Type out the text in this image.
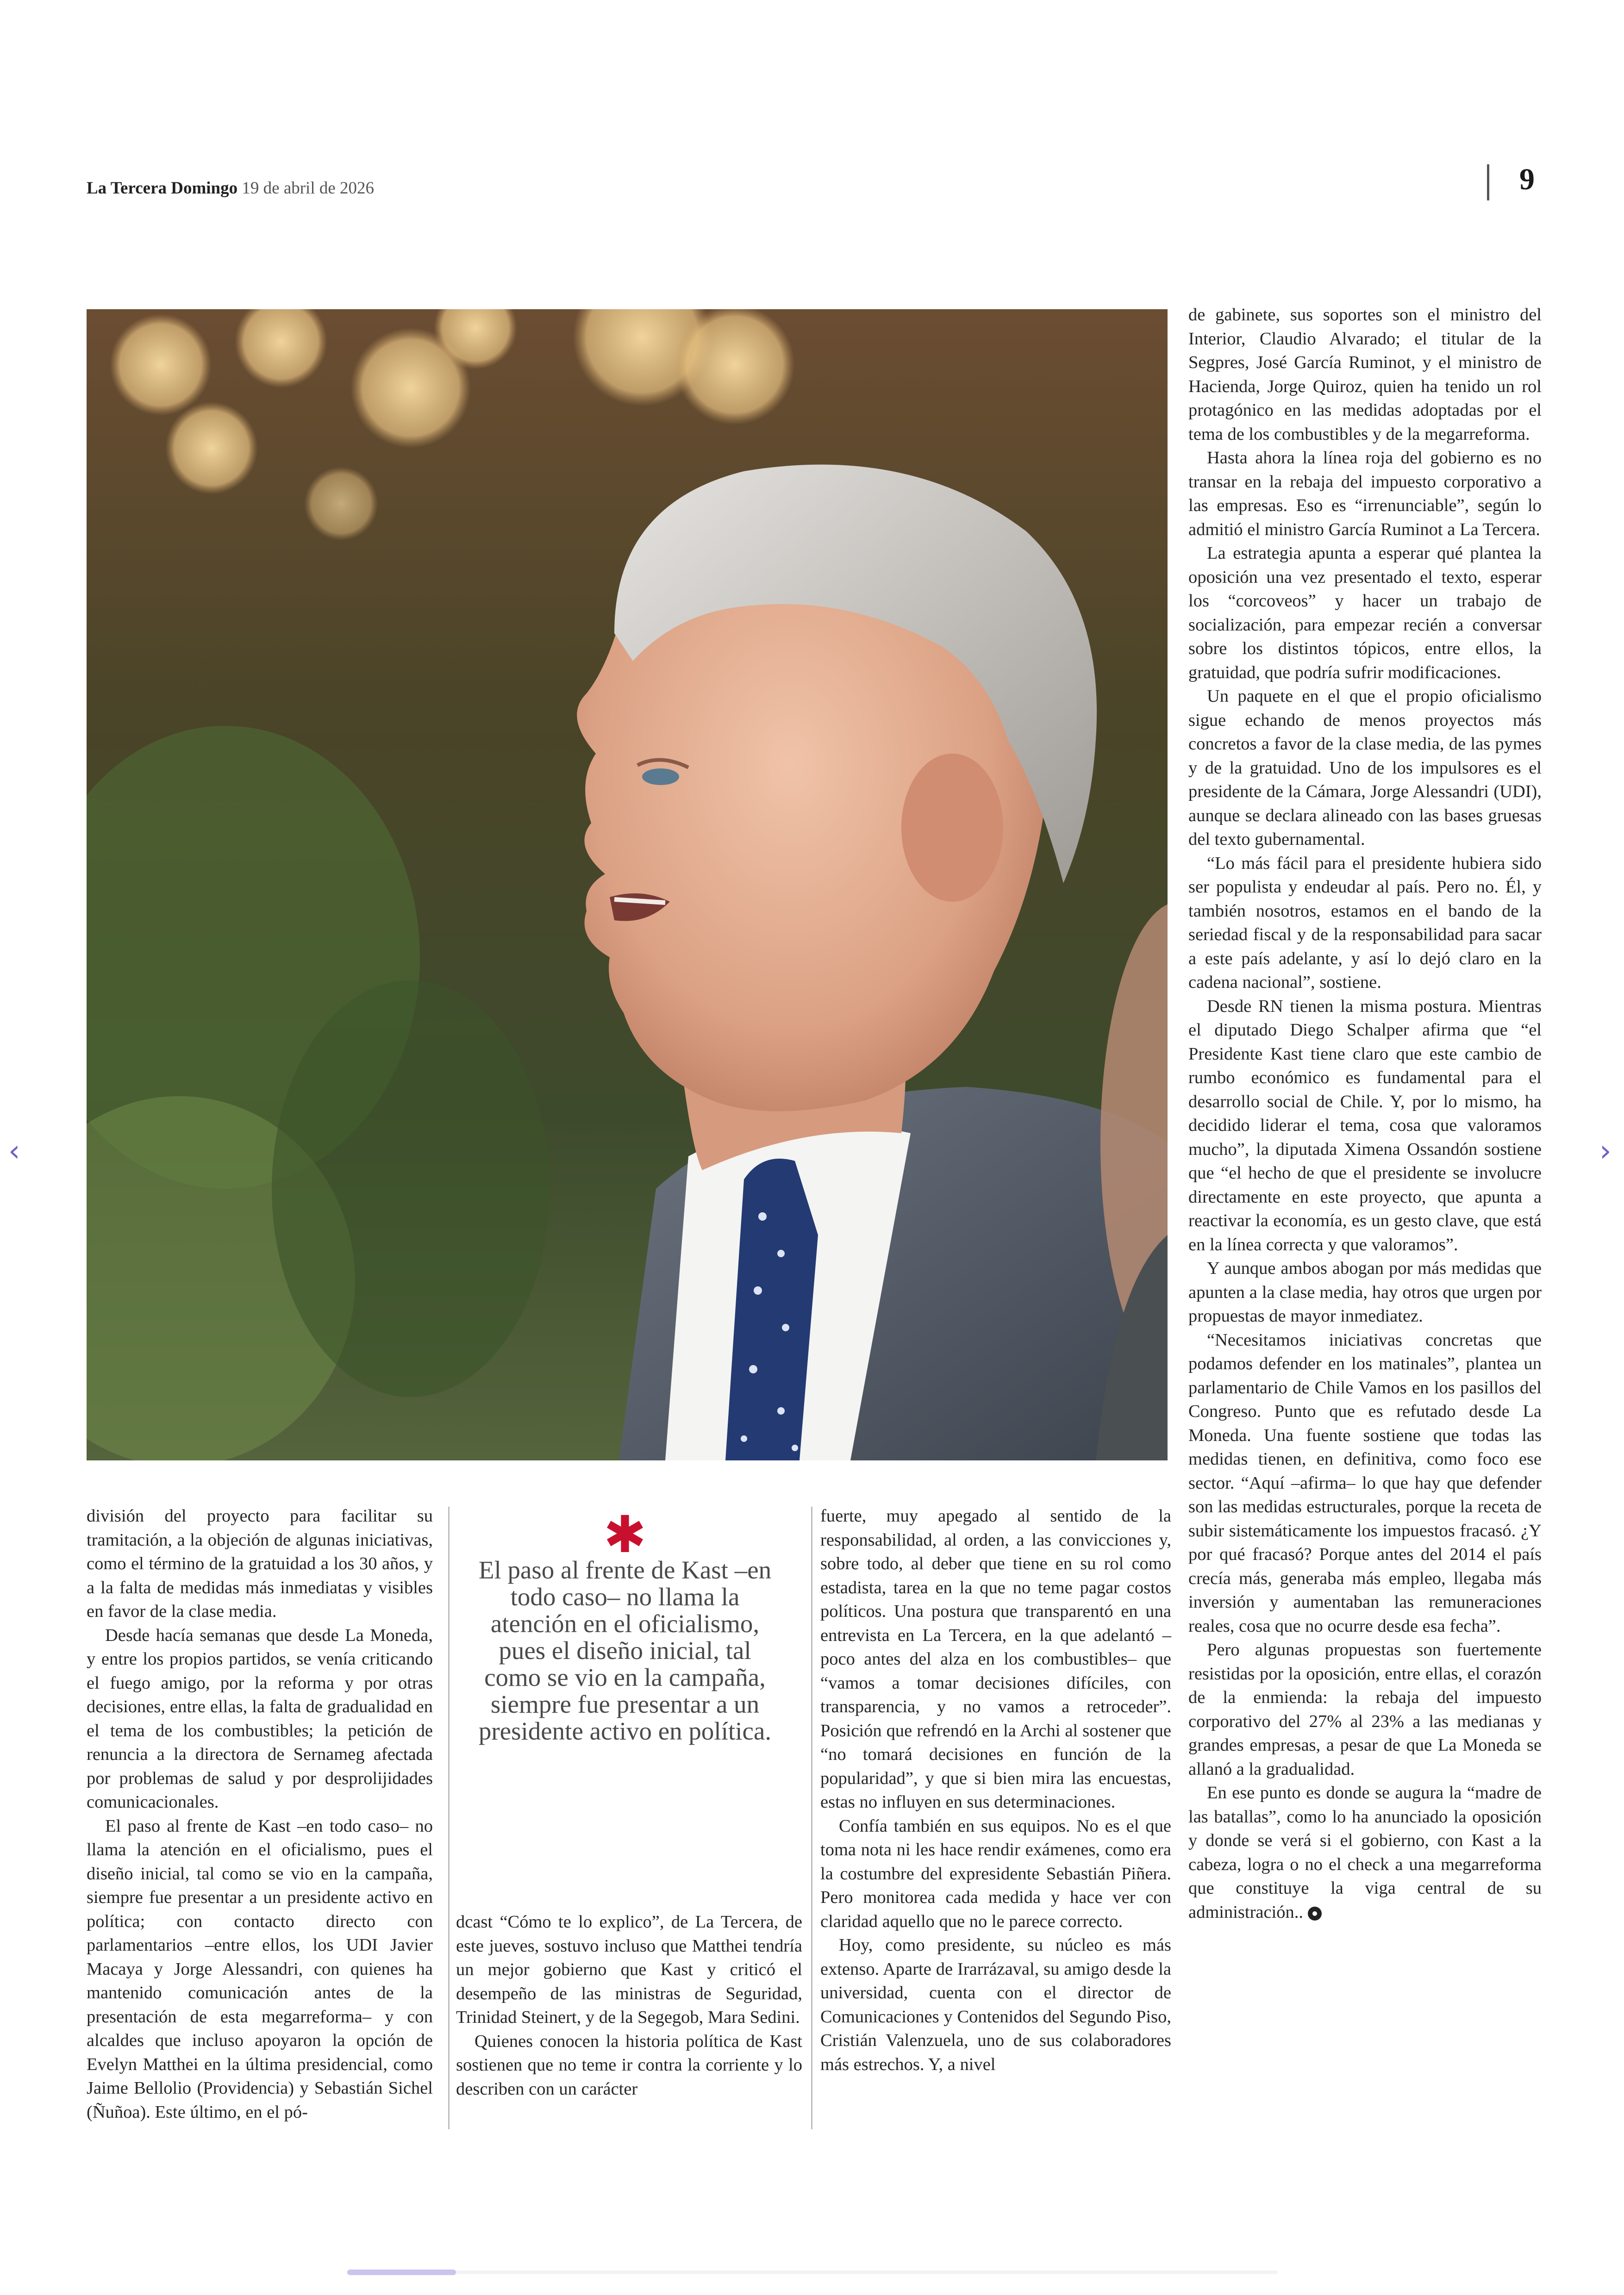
La Tercera Domingo 19 de abril de 2026	9

división del proyecto para facilitar su tramitación, a la objeción de algunas iniciativas, como el término de la gratuidad a los 30 años, y a la falta de medidas más inmediatas y visibles en favor de la clase media.

Desde hacía semanas que desde La Moneda, y entre los propios partidos, se venía criticando el fuego amigo, por la reforma y por otras decisiones, entre ellas, la falta de gradualidad en el tema de los combustibles; la petición de renuncia a la directora de Sernameg afectada por problemas de salud y por desprolijidades comunicacionales.

El paso al frente de Kast –en todo caso– no llama la atención en el oficialismo, pues el diseño inicial, tal como se vio en la campaña, siempre fue presentar a un presidente activo en política; con contacto directo con parlamentarios –entre ellos, los UDI Javier Macaya y Jorge Alessandri, con quienes ha mantenido comunicación antes de la presentación de esta megarreforma– y con alcaldes que incluso apoyaron la opción de Evelyn Matthei en la última presidencial, como Jaime Bellolio (Providencia) y Sebastián Sichel (Ñuñoa). Este último, en el pó-

✱
El paso al frente de Kast –en todo caso– no llama la atención en el oficialismo, pues el diseño inicial, tal como se vio en la campaña, siempre fue presentar a un presidente activo en política.

dcast “Cómo te lo explico”, de La Tercera, de este jueves, sostuvo incluso que Matthei tendría un mejor gobierno que Kast y criticó el desempeño de las ministras de Seguridad, Trinidad Steinert, y de la Segegob, Mara Sedini.

Quienes conocen la historia política de Kast sostienen que no teme ir contra la corriente y lo describen con un carácter

fuerte, muy apegado al sentido de la responsabilidad, al orden, a las convicciones y, sobre todo, al deber que tiene en su rol como estadista, tarea en la que no teme pagar costos políticos. Una postura que transparentó en una entrevista en La Tercera, en la que adelantó –poco antes del alza en los combustibles– que “vamos a tomar decisiones difíciles, con transparencia, y no vamos a retroceder”. Posición que refrendó en la Archi al sostener que “no tomará decisiones en función de la popularidad”, y que si bien mira las encuestas, estas no influyen en sus determinaciones.

Confía también en sus equipos. No es el que toma nota ni les hace rendir exámenes, como era la costumbre del expresidente Sebastián Piñera. Pero monitorea cada medida y hace ver con claridad aquello que no le parece correcto.

Hoy, como presidente, su núcleo es más extenso. Aparte de Irarrázaval, su amigo desde la universidad, cuenta con el director de Comunicaciones y Contenidos del Segundo Piso, Cristián Valenzuela, uno de sus colaboradores más estrechos. Y, a nivel

de gabinete, sus soportes son el ministro del Interior, Claudio Alvarado; el titular de la Segpres, José García Ruminot, y el ministro de Hacienda, Jorge Quiroz, quien ha tenido un rol protagónico en las medidas adoptadas por el tema de los combustibles y de la megarreforma.

Hasta ahora la línea roja del gobierno es no transar en la rebaja del impuesto corporativo a las empresas. Eso es “irrenunciable”, según lo admitió el ministro García Ruminot a La Tercera.

La estrategia apunta a esperar qué plantea la oposición una vez presentado el texto, esperar los “corcoveos” y hacer un trabajo de socialización, para empezar recién a conversar sobre los distintos tópicos, entre ellos, la gratuidad, que podría sufrir modificaciones.

Un paquete en el que el propio oficialismo sigue echando de menos proyectos más concretos a favor de la clase media, de las pymes y de la gratuidad. Uno de los impulsores es el presidente de la Cámara, Jorge Alessandri (UDI), aunque se declara alineado con las bases gruesas del texto gubernamental.

“Lo más fácil para el presidente hubiera sido ser populista y endeudar al país. Pero no. Él, y también nosotros, estamos en el bando de la seriedad fiscal y de la responsabilidad para sacar a este país adelante, y así lo dejó claro en la cadena nacional”, sostiene.

Desde RN tienen la misma postura. Mientras el diputado Diego Schalper afirma que “el Presidente Kast tiene claro que este cambio de rumbo económico es fundamental para el desarrollo social de Chile. Y, por lo mismo, ha decidido liderar el tema, cosa que valoramos mucho”, la diputada Ximena Ossandón sostiene que “el hecho de que el presidente se involucre directamente en este proyecto, que apunta a reactivar la economía, es un gesto clave, que está en la línea correcta y que valoramos”.

Y aunque ambos abogan por más medidas que apunten a la clase media, hay otros que urgen por propuestas de mayor inmediatez.

“Necesitamos iniciativas concretas que podamos defender en los matinales”, plantea un parlamentario de Chile Vamos en los pasillos del Congreso. Punto que es refutado desde La Moneda. Una fuente sostiene que todas las medidas tienen, en definitiva, como foco ese sector. “Aquí –afirma– lo que hay que defender son las medidas estructurales, porque la receta de subir sistemáticamente los impuestos fracasó. ¿Y por qué fracasó? Porque antes del 2014 el país crecía más, generaba más empleo, llegaba más inversión y aumentaban las remuneraciones reales, cosa que no ocurre desde esa fecha”.

Pero algunas propuestas son fuertemente resistidas por la oposición, entre ellas, el corazón de la enmienda: la rebaja del impuesto corporativo del 27% al 23% a las medianas y grandes empresas, a pesar de que La Moneda se allanó a la gradualidad.

En ese punto es donde se augura la “madre de las batallas”, como lo ha anunciado la oposición y donde se verá si el gobierno, con Kast a la cabeza, logra o no el check a una megarreforma que constituye la viga central de su administración..

‹	›
